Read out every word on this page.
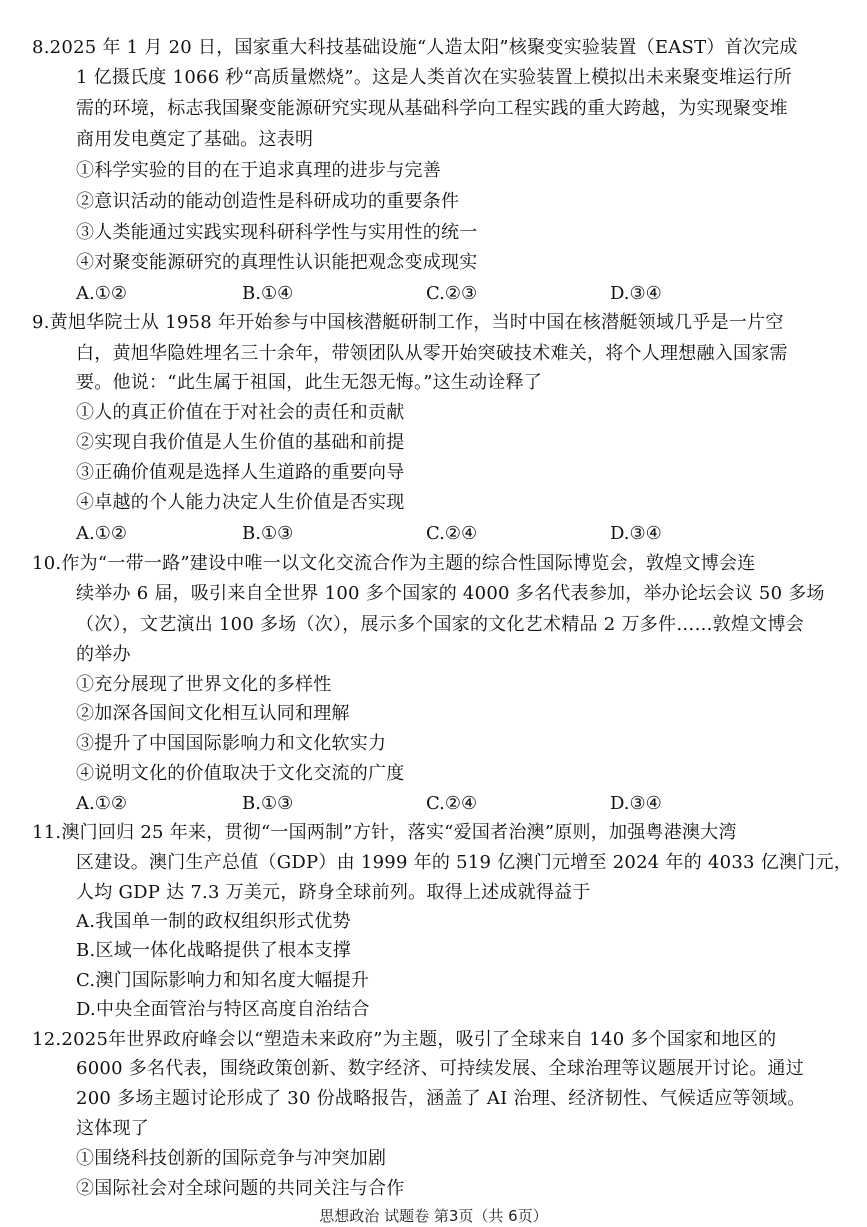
8.2025 年 1 月 20 日，国家重大科技基础设施“人造太阳”核聚变实验装置（EAST）首次完成
1 亿摄氏度 1066 秒“高质量燃烧”。这是人类首次在实验装置上模拟出未来聚变堆运行所
需的环境，标志我国聚变能源研究实现从基础科学向工程实践的重大跨越，为实现聚变堆
商用发电奠定了基础。这表明
①科学实验的目的在于追求真理的进步与完善
②意识活动的能动创造性是科研成功的重要条件
③人类能通过实践实现科研科学性与实用性的统一
④对聚变能源研究的真理性认识能把观念变成现实
A.①②	B.①④	C.②③	D.③④
9.黄旭华院士从 1958 年开始参与中国核潜艇研制工作，当时中国在核潜艇领域几乎是一片空
白，黄旭华隐姓埋名三十余年，带领团队从零开始突破技术难关，将个人理想融入国家需
要。他说：“此生属于祖国，此生无怨无悔。”这生动诠释了
①人的真正价值在于对社会的责任和贡献
②实现自我价值是人生价值的基础和前提
③正确价值观是选择人生道路的重要向导
④卓越的个人能力决定人生价值是否实现
A.①②	B.①③	C.②④	D.③④
10.作为“一带一路”建设中唯一以文化交流合作为主题的综合性国际博览会，敦煌文博会连
续举办 6 届，吸引来自全世界 100 多个国家的 4000 多名代表参加，举办论坛会议 50 多场
（次），文艺演出 100 多场（次），展示多个国家的文化艺术精品 2 万多件……敦煌文博会
的举办
①充分展现了世界文化的多样性
②加深各国间文化相互认同和理解
③提升了中国国际影响力和文化软实力
④说明文化的价值取决于文化交流的广度
A.①②	B.①③	C.②④	D.③④
11.澳门回归 25 年来，贯彻“一国两制”方针，落实“爱国者治澳”原则，加强粤港澳大湾
区建设。澳门生产总值（GDP）由 1999 年的 519 亿澳门元增至 2024 年的 4033 亿澳门元，
人均 GDP 达 7.3 万美元，跻身全球前列。取得上述成就得益于
A.我国单一制的政权组织形式优势
B.区域一体化战略提供了根本支撑
C.澳门国际影响力和知名度大幅提升
D.中央全面管治与特区高度自治结合
12.2025年世界政府峰会以“塑造未来政府”为主题，吸引了全球来自 140 多个国家和地区的
6000 多名代表，围绕政策创新、数字经济、可持续发展、全球治理等议题展开讨论。通过
200 多场主题讨论形成了 30 份战略报告，涵盖了 AI 治理、经济韧性、气候适应等领域。
这体现了
①围绕科技创新的国际竞争与冲突加剧
②国际社会对全球问题的共同关注与合作
思想政治 试题卷 第3页（共 6页）
